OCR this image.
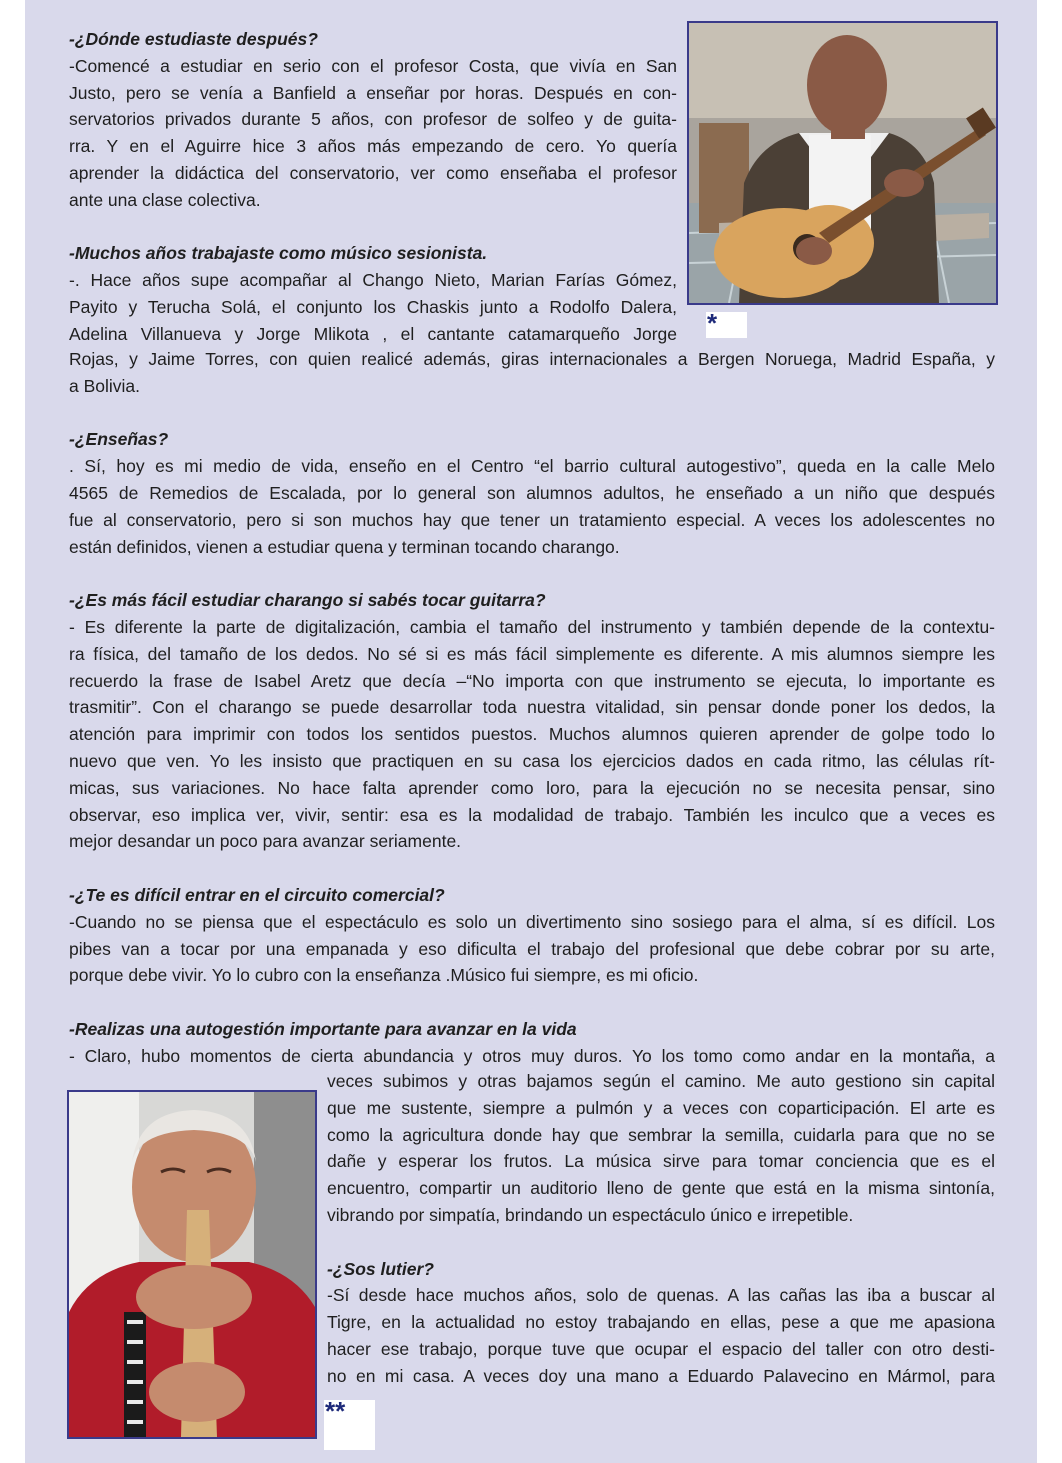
-¿Dónde estudiaste después?

-Comencé a estudiar en serio con el profesor Costa, que vivía en San

Justo, pero se venía a Banfield a enseñar por horas. Después en con-

servatorios privados durante 5 años, con profesor de solfeo y de guita-

rra. Y en el Aguirre hice 3 años más empezando de cero. Yo quería

aprender la didáctica del conservatorio, ver como enseñaba el profesor

ante una clase colectiva.

-Muchos años trabajaste como músico sesionista.

-. Hace años supe acompañar al Chango Nieto, Marian Farías Gómez,

Payito y Terucha Solá, el conjunto los Chaskis junto a Rodolfo Dalera,

Adelina Villanueva y Jorge Mlikota , el cantante catamarqueño Jorge *

Rojas, y Jaime Torres, con quien realicé además, giras internacionales a Bergen Noruega, Madrid España, y

a Bolivia.

-¿Enseñas?

. Sí, hoy es mi medio de vida, enseño en el Centro “el barrio cultural autogestivo”, queda en la calle Melo

4565 de Remedios de Escalada, por lo general son alumnos adultos, he enseñado a un niño que después

fue al conservatorio, pero si son muchos hay que tener un tratamiento especial. A veces los adolescentes no

están definidos, vienen a estudiar quena y terminan tocando charango.

-¿Es más fácil estudiar charango si sabés tocar guitarra?

- Es diferente la parte de digitalización, cambia el tamaño del instrumento y también depende de la contextu-

ra física, del tamaño de los dedos. No sé si es más fácil simplemente es diferente. A mis alumnos siempre les

recuerdo la frase de Isabel Aretz que decía –“No importa con que instrumento se ejecuta, lo importante es

trasmitir”. Con el charango se puede desarrollar toda nuestra vitalidad, sin pensar donde poner los dedos, la

atención para imprimir con todos los sentidos puestos. Muchos alumnos quieren aprender de golpe todo lo

nuevo que ven. Yo les insisto que practiquen en su casa los ejercicios dados en cada ritmo, las células rít-

micas, sus variaciones. No hace falta aprender como loro, para la ejecución no se necesita pensar, sino

observar, eso implica ver, vivir, sentir: esa es la modalidad de trabajo. También les inculco que a veces es

mejor desandar un poco para avanzar seriamente.

-¿Te es difícil entrar en el circuito comercial?

-Cuando no se piensa que el espectáculo es solo un divertimento sino sosiego para el alma, sí es difícil. Los

pibes van a tocar por una empanada y eso dificulta el trabajo del profesional que debe cobrar por su arte,

porque debe vivir. Yo lo cubro con la enseñanza .Músico fui siempre, es mi oficio.

-Realizas una autogestión importante para avanzar en la vida

- Claro, hubo momentos de cierta abundancia y otros muy duros. Yo los tomo como andar en la montaña, a

veces subimos y otras bajamos según el camino. Me auto gestiono sin capital

que me sustente, siempre a pulmón y a veces con coparticipación. El arte es

como la agricultura donde hay que sembrar la semilla, cuidarla para que no se

dañe y esperar los frutos. La música sirve para tomar conciencia que es el

encuentro, compartir un auditorio lleno de gente que está en la misma sintonía,

vibrando por simpatía, brindando un espectáculo único e irrepetible.

-¿Sos lutier?

-Sí desde hace muchos años, solo de quenas. A las cañas las iba a buscar al

Tigre, en la actualidad no estoy trabajando en ellas, pese a que me apasiona

hacer ese trabajo, porque tuve que ocupar el espacio del taller con otro desti-

no en mi casa. A veces doy una mano a Eduardo Palavecino en Mármol, para

**
